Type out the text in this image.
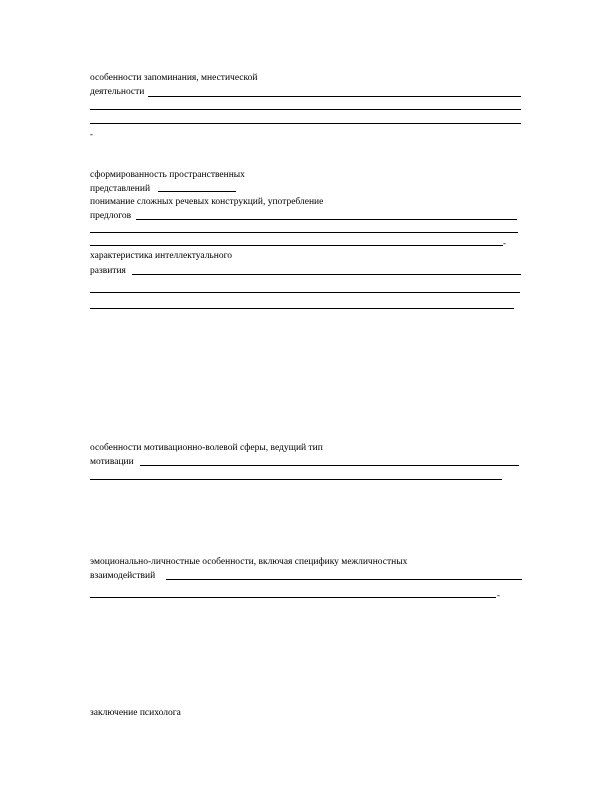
особенности запоминания, мнестической
деятельности
-
сформированность пространственных
представлений
понимание сложных речевых конструкций, употребление
предлогов
-
характеристика интеллектуального
развития
особенности мотивационно-волевой сферы, ведущий тип
мотивации
эмоционально-личностные особенности, включая специфику межличностных
взаимодействий
-
заключение психолога
